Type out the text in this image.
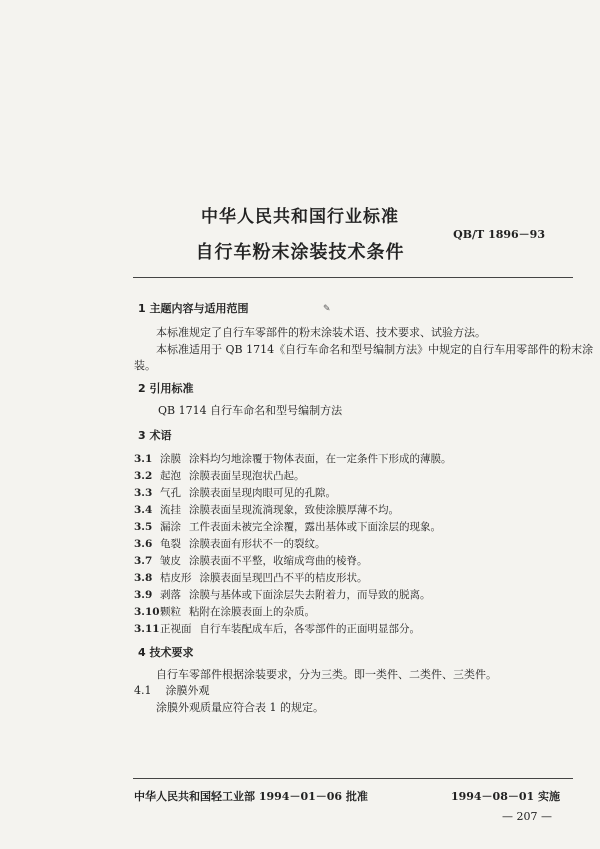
中华人民共和国行业标准
QB/T 1896－93
自行车粉末涂装技术条件
1 主题内容与适用范围	✎
本标准规定了自行车零部件的粉末涂装术语、技术要求、试验方法。
本标准适用于 QB 1714《自行车命名和型号编制方法》中规定的自行车用零部件的粉末涂
装。
2 引用标准
QB 1714 自行车命名和型号编制方法
3 术语
3.1 涂膜 涂料均匀地涂覆于物体表面，在一定条件下形成的薄膜。
3.2 起泡 涂膜表面呈现泡状凸起。
3.3 气孔 涂膜表面呈现肉眼可见的孔隙。
3.4 流挂 涂膜表面呈现流淌现象，致使涂膜厚薄不均。
3.5 漏涂 工件表面未被完全涂覆，露出基体或下面涂层的现象。
3.6 龟裂 涂膜表面有形状不一的裂纹。
3.7 皱皮 涂膜表面不平整，收缩成弯曲的棱脊。
3.8 桔皮形 涂膜表面呈现凹凸不平的桔皮形状。
3.9 剥落 涂膜与基体或下面涂层失去附着力，而导致的脱离。
3.10颗粒 粘附在涂膜表面上的杂质。
3.11正视面 自行车装配成车后，各零部件的正面明显部分。
4 技术要求
自行车零部件根据涂装要求，分为三类。即一类件、二类件、三类件。
4.1 涂膜外观
涂膜外观质量应符合表 1 的规定。
中华人民共和国轻工业部 1994－01－06 批准	1994－08－01 实施
— 207 —
